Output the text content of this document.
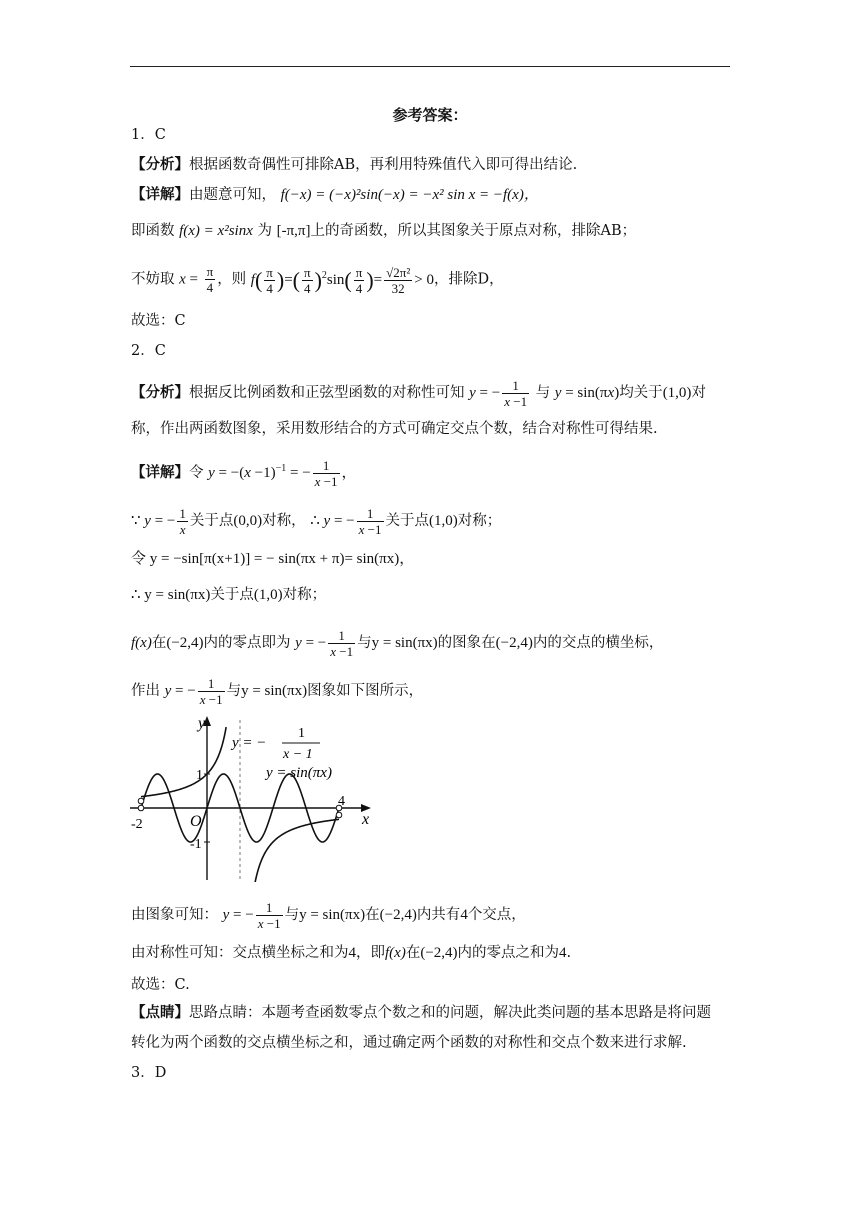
参考答案：
1．C
【分析】根据函数奇偶性可排除AB，再利用特殊值代入即可得出结论.
【详解】由题意可知， f(−x) = (−x)²sin(−x) = −x² sin x = −f(x)，
即函数 f(x) = x²sinx 为 [-π,π]上的奇函数，所以其图象关于原点对称，排除AB；
不妨取 $x = \frac{\pi}{4}$ ，则 $f( \frac{\pi}{4}$ )=( $\frac{\pi}{4} )^2\sin( \frac{\pi}{4}$ )= $\frac{\text{√2π²}}{32} > 0$，排除D，
故选：C
2．C
【分析】根据反比例函数和正弦型函数的对称性可知 y = − $\frac{1}{x -1}$ 与 y = sin(πx)均关于(1,0)对
称，作出两函数图象，采用数形结合的方式可确定交点个数，结合对称性可得结果.
【详解】令 $y = -(x -1)^{-1}$ = − $\frac{1}{x -1}$ ，
∵ y = − $\frac{1}{x}$ 关于点(0,0)对称， ∴ y = − $\frac{1}{x -1}$ 关于点(1,0)对称；
令 y = −sin[π(x+1)] = − sin(πx + π)= sin(πx)，
∴ y = sin(πx)关于点(1,0)对称；
f(x)在(−2,4)内的零点即为 y = − $\frac{1}{x -1}$ 与y = sin(πx)的图象在(−2,4)内的交点的横坐标，
作出 y = − $\frac{1}{x -1}$ 与y = sin(πx)图象如下图所示，
y
x
O
1
-1
-2
4
y = −
1
x − 1
y = sin(πx)
由图象可知： y = − $\frac{1}{x -1}$ 与y = sin(πx)在(−2,4)内共有4个交点，
由对称性可知：交点横坐标之和为4，即f(x)在(−2,4)内的零点之和为4.
故选：C.
【点睛】思路点睛：本题考查函数零点个数之和的问题，解决此类问题的基本思路是将问题
转化为两个函数的交点横坐标之和，通过确定两个函数的对称性和交点个数来进行求解.
3．D
